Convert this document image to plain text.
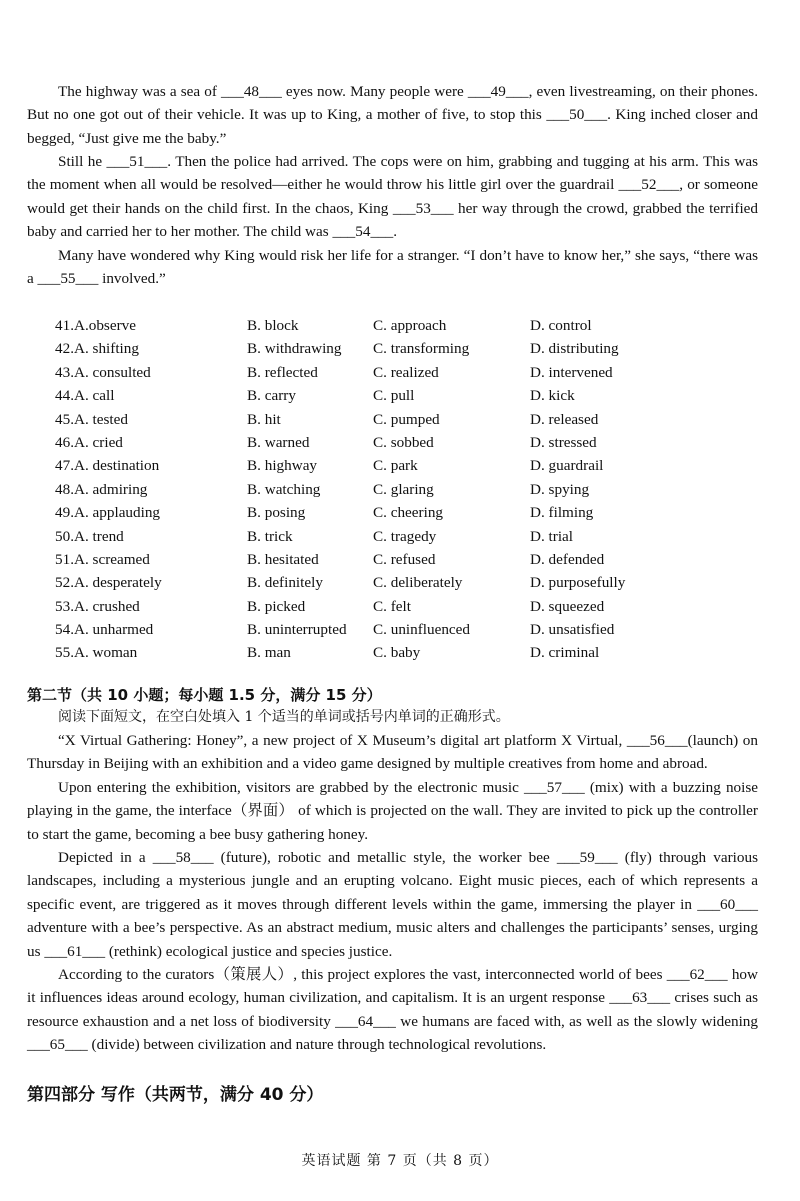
The highway was a sea of ___48___ eyes now. Many people were ___49___, even livestreaming, on their phones. But no one got out of their vehicle. It was up to King, a mother of five, to stop this ___50___. King inched closer and begged, “Just give me the baby.”
Still he ___51___. Then the police had arrived. The cops were on him, grabbing and tugging at his arm. This was the moment when all would be resolved—either he would throw his little girl over the guardrail ___52___, or someone would get their hands on the child first. In the chaos, King ___53___ her way through the crowd, grabbed the terrified baby and carried her to her mother. The child was ___54___.
Many have wondered why King would risk her life for a stranger. “I don’t have to know her,” she says, “there was a ___55___ involved.”
41.A.observe	B. block	C. approach	D. control
42.A. shifting	B. withdrawing C. transforming	D. distributing
43.A. consulted	B. reflected	C. realized	D. intervened
44.A. call	B. carry	C. pull	D. kick
45.A. tested	B. hit	C. pumped	D. released
46.A. cried	B. warned	C. sobbed	D. stressed
47.A. destination	B. highway	C. park	D. guardrail
48.A. admiring	B. watching	C. glaring	D. spying
49.A. applauding	B. posing	C. cheering	D. filming
50.A. trend	B. trick	C. tragedy	D. trial
51.A. screamed	B. hesitated	C. refused	D. defended
52.A. desperately	B. definitely	C. deliberately	D. purposefully
53.A. crushed	B. picked	C. felt	D. squeezed
54.A. unharmed	B. uninterrupted C. uninfluenced	D. unsatisfied
55.A. woman	B. man	C. baby	D. criminal
第二节（共 10 小题；每小题 1.5 分，满分 15 分）
阅读下面短文，在空白处填入 1 个适当的单词或括号内单词的正确形式。
“X Virtual Gathering: Honey”, a new project of X Museum’s digital art platform X Virtual, ___56___(launch) on Thursday in Beijing with an exhibition and a video game designed by multiple creatives from home and abroad.
Upon entering the exhibition, visitors are grabbed by the electronic music ___57___ (mix) with a buzzing noise playing in the game, the interface（界面） of which is projected on the wall. They are invited to pick up the controller to start the game, becoming a bee busy gathering honey.
Depicted in a ___58___ (future), robotic and metallic style, the worker bee ___59___ (fly) through various landscapes, including a mysterious jungle and an erupting volcano. Eight music pieces, each of which represents a specific event, are triggered as it moves through different levels within the game, immersing the player in ___60___ adventure with a bee’s perspective. As an abstract medium, music alters and challenges the participants’ senses, urging us ___61___ (rethink) ecological justice and species justice.
According to the curators（策展人）, this project explores the vast, interconnected world of bees ___62___ how it influences ideas around ecology, human civilization, and capitalism. It is an urgent response ___63___ crises such as resource exhaustion and a net loss of biodiversity ___64___ we humans are faced with, as well as the slowly widening ___65___ (divide) between civilization and nature through technological revolutions.
第四部分 写作（共两节，满分 40 分）
英语试题 第 7 页（共 8 页）
